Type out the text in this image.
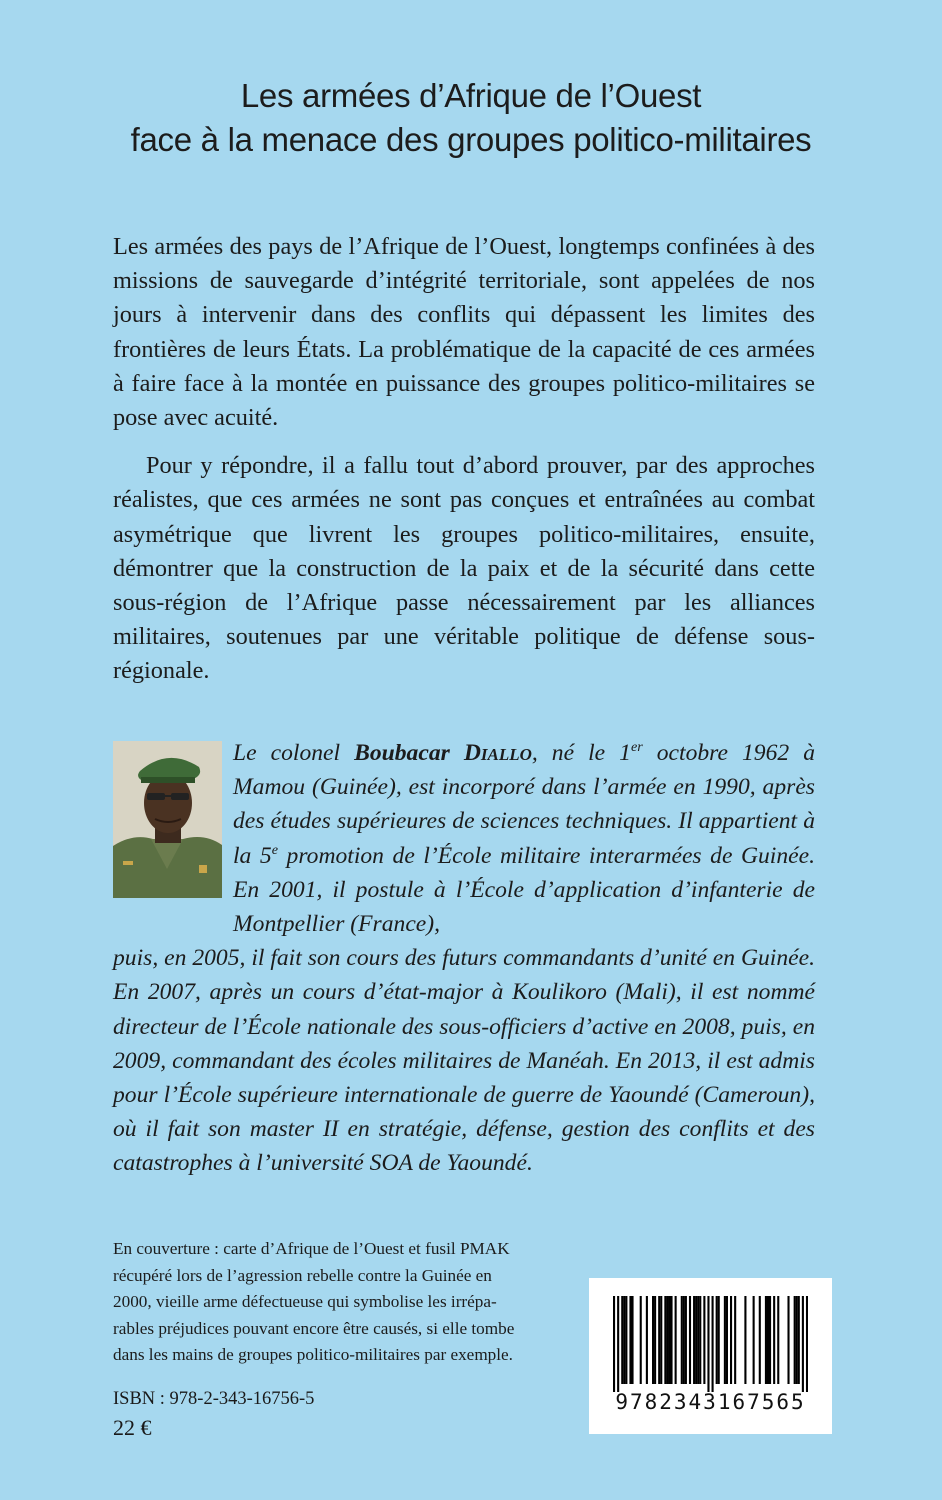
Les armées d’Afrique de l’Ouest
face à la menace des groupes politico-militaires

Les armées des pays de l’Afrique de l’Ouest, longtemps confinées à des missions de sauvegarde d’intégrité territoriale, sont appelées de nos jours à intervenir dans des conflits qui dépassent les limites des frontières de leurs États. La problématique de la capacité de ces armées à faire face à la montée en puissance des groupes politico-militaires se pose avec acuité.

Pour y répondre, il a fallu tout d’abord prouver, par des approches réalistes, que ces armées ne sont pas conçues et entraînées au combat asymétrique que livrent les groupes politico-militaires, ensuite, démontrer que la construction de la paix et de la sécurité dans cette sous-région de l’Afrique passe nécessairement par les alliances militaires, soutenues par une véritable politique de défense sous-régionale.

Le colonel Boubacar Diallo, né le 1er octobre 1962 à Mamou (Guinée), est incorporé dans l’armée en 1990, après des études supérieures de sciences techniques. Il appartient à la 5e promotion de l’École militaire interarmées de Guinée. En 2001, il postule à l’École d’application d’infanterie de Montpellier (France),
puis, en 2005, il fait son cours des futurs commandants d’unité en Guinée. En 2007, après un cours d’état-major à Koulikoro (Mali), il est nommé directeur de l’École nationale des sous-officiers d’active en 2008, puis, en 2009, commandant des écoles militaires de Manéah. En 2013, il est admis pour l’École supérieure internationale de guerre de Yaoundé (Cameroun), où il fait son master II en stratégie, défense, gestion des conflits et des catastrophes à l’université SOA de Yaoundé.
En couverture : carte d’Afrique de l’Ouest et fusil PMAK
récupéré lors de l’agression rebelle contre la Guinée en
2000, vieille arme défectueuse qui symbolise les irrépa-
rables préjudices pouvant encore être causés, si elle tombe
dans les mains de groupes politico-militaires par exemple.
ISBN : 978-2-343-16756-5
22 €
9782343167565
